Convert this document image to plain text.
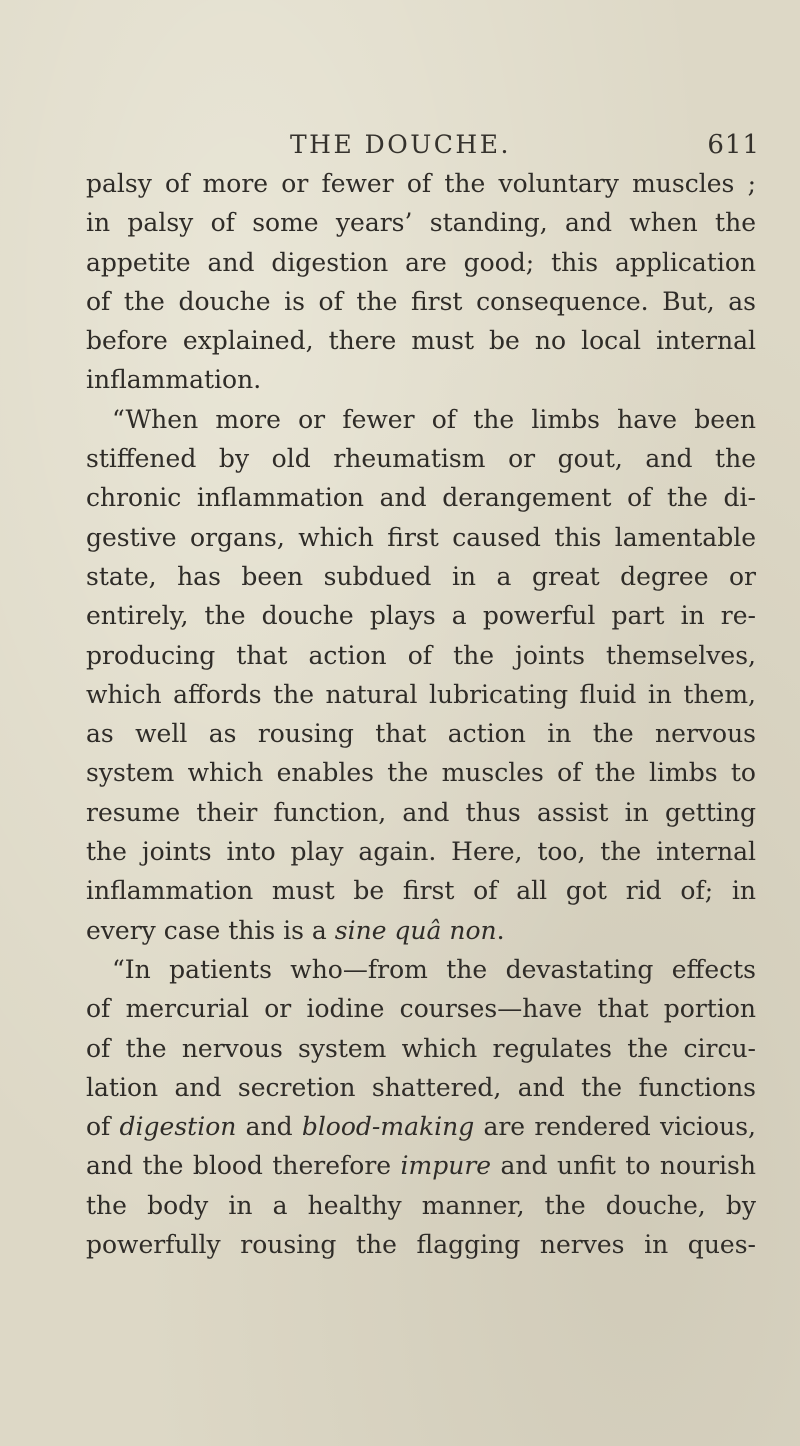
THE DOUCHE.	611
palsy of more or fewer of the voluntary muscles ;
in palsy of some years’ standing, and when the
appetite and digestion are good; this application
of the douche is of the first consequence. But, as
before explained, there must be no local internal
inflammation.
“When more or fewer of the limbs have been
stiffened by old rheumatism or gout, and the
chronic inflammation and derangement of the di-
gestive organs, which first caused this lamentable
state, has been subdued in a great degree or
entirely, the douche plays a powerful part in re-
producing that action of the joints themselves,
which affords the natural lubricating fluid in them,
as well as rousing that action in the nervous
system which enables the muscles of the limbs to
resume their function, and thus assist in getting
the joints into play again. Here, too, the internal
inflammation must be first of all got rid of; in
every case this is a sine quâ non.
“In patients who—from the devastating effects
of mercurial or iodine courses—have that portion
of the nervous system which regulates the circu-
lation and secretion shattered, and the functions
of digestion and blood-making are rendered vicious,
and the blood therefore impure and unfit to nourish
the body in a healthy manner, the douche, by
powerfully rousing the flagging nerves in ques-
